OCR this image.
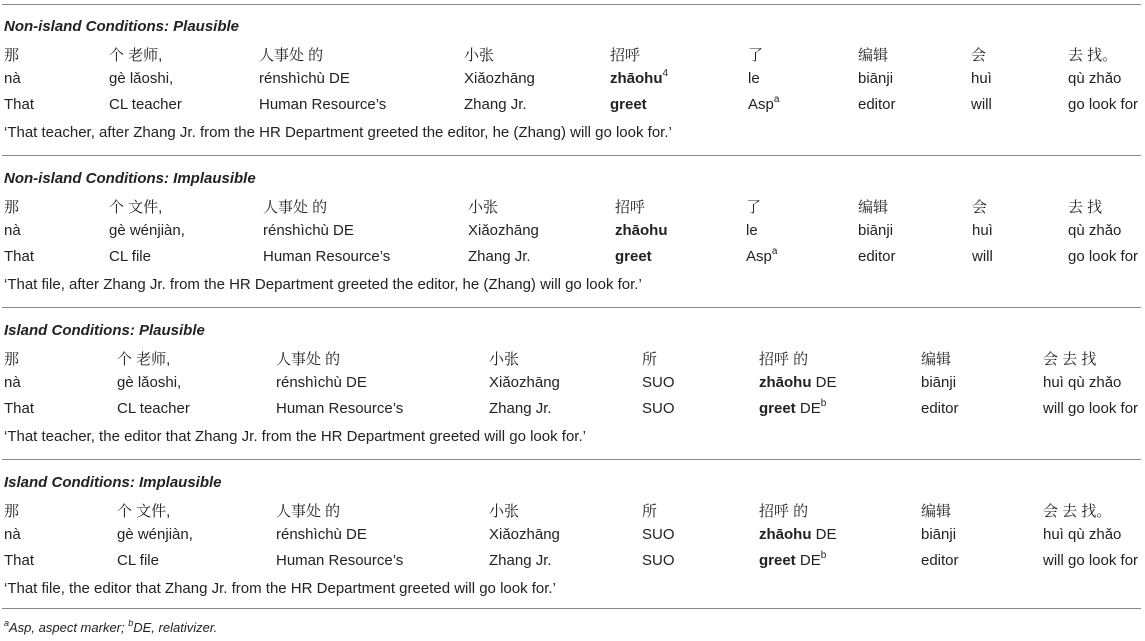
Non-island Conditions: Plausible
那	个 老师,	人事处 的	小张	招呼	了	编辑	会	去 找。
nà	gè lǎoshi,	rénshìchù DE	Xiǎozhāng	zhāohu$^4$	le	biānji	huì	qù zhǎo
That	CL teacher	Human Resource’s	Zhang Jr.	greet	Asp$^a$	editor	will	go look for
‘That teacher, after Zhang Jr. from the HR Department greeted the editor, he (Zhang) will go look for.’
Non-island Conditions: Implausible
那	个 文件,	人事处 的	小张	招呼	了	编辑	会	去 找
nà	gè wénjiàn,	rénshìchù DE	Xiǎozhāng	zhāohu	le	biānji	huì	qù zhǎo
That	CL file	Human Resource’s	Zhang Jr.	greet	Asp$^a$	editor	will	go look for
‘That file, after Zhang Jr. from the HR Department greeted the editor, he (Zhang) will go look for.’
Island Conditions: Plausible
那	个 老师,	人事处 的	小张	所	招呼 的	编辑	会 去 找
nà	gè lǎoshi,	rénshìchù DE	Xiǎozhāng	SUO	zhāohu DE	biānji	huì qù zhǎo
That	CL teacher	Human Resource’s	Zhang Jr.	SUO	greet $DE^b$	editor	will go look for
‘That teacher, the editor that Zhang Jr. from the HR Department greeted will go look for.’
Island Conditions: Implausible
那	个 文件,	人事处 的	小张	所	招呼 的	编辑	会 去 找。
nà	gè wénjiàn,	rénshìchù DE	Xiǎozhāng	SUO	zhāohu DE	biānji	huì qù zhǎo
That	CL file	Human Resource’s	Zhang Jr.	SUO	greet $DE^b$	editor	will go look for
‘That file, the editor that Zhang Jr. from the HR Department greeted will go look for.’
$^a$Asp, aspect marker; $^b$DE, relativizer.
